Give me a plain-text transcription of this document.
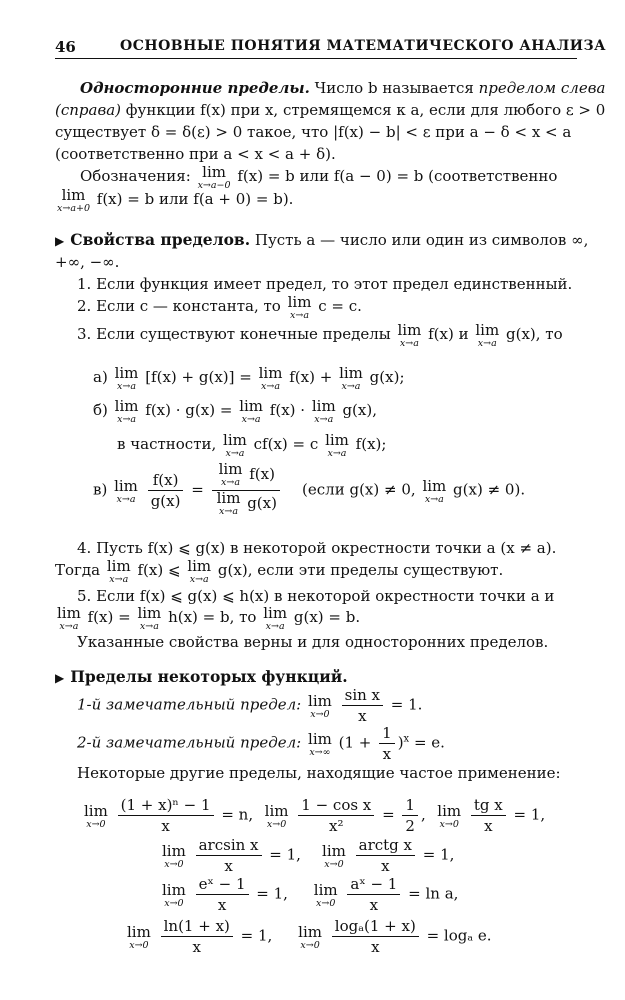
46	ОСНОВНЫЕ ПОНЯТИЯ МАТЕМАТИЧЕСКОГО АНАЛИЗА
Односторонние пределы. Число b называется пределом слева
(справа) функции f(x) при x, стремящемся к a, если для любого ε > 0
существует δ = δ(ε) > 0 такое, что |f(x) − b| < ε при a − δ < x < a
(соответственно при a < x < a + δ).
Обозначения: lim
x→a−0
f(x) = b или f(a − 0) = b (соответственно
lim
x→a+0
f(x) = b или f(a + 0) = b).
▶ Свойства пределов. Пусть a — число или один из символов ∞,
+∞, −∞.
1. Если функция имеет предел, то этот предел единственный.
2. Если c — константа, то lim
x→a
c = c.
3. Если существуют конечные пределы lim
x→a
f(x) и lim
x→a
g(x), то
а) lim
x→a
[f(x) + g(x)] = lim
x→a
f(x) + lim
x→a
g(x);
б) lim
x→a
f(x) · g(x) = lim
x→a
f(x) · lim
x→a
g(x),
в частности, lim
x→a
cf(x) = c lim
x→a
f(x);
в) lim
x→a
$\frac{f(x)}{g(x)} = \lim$
x→a f(x)
lim
x→a g(x) (если g(x) ≠ 0, lim
x→a
g(x) ≠ 0).
4. Пусть f(x) ⩽ g(x) в некоторой окрестности точки a (x ≠ a).
Тогда lim
x→a
f(x) ⩽ lim
x→a
g(x), если эти пределы существуют.
5. Если f(x) ⩽ g(x) ⩽ h(x) в некоторой окрестности точки a и
lim
x→a
f(x) = lim
x→a
h(x) = b, то lim
x→a
g(x) = b.
Указанные свойства верны и для односторонних пределов.
▶ Пределы некоторых функций.
1-й замечательный предел: lim
x→0
$\frac{\text{sin x}}{x} = 1$.
2-й замечательный предел: lim
x→∞
$(1 + \frac{1}{x} )^x = e$.
Некоторые другие пределы, находящие частое применение:
lim
x→0
$\frac{\text{(1 + x)ⁿ − 1}}{x} = n$, lim
x→0
$\frac{\text{1 − cos x}}{\text{x²}} = \frac{1}{2}$ , lim
x→0
$\frac{\text{tg x}}{x} = 1$,
lim
x→0
$\frac{\text{arcsin x}}{x} = 1$, lim
x→0
$\frac{\text{arctg x}}{x} = 1$,
lim
x→0
$\frac{\text{eˣ − 1}}{x} = 1$, lim
x→0
$\frac{\text{aˣ − 1}}{x} = \ln a$,
lim
x→0
$\frac{\ln(1 + x)}{x} = 1$, lim
x→0
$\frac{\text{logₐ(1 + x)}}{x} = \log_a$ e.
